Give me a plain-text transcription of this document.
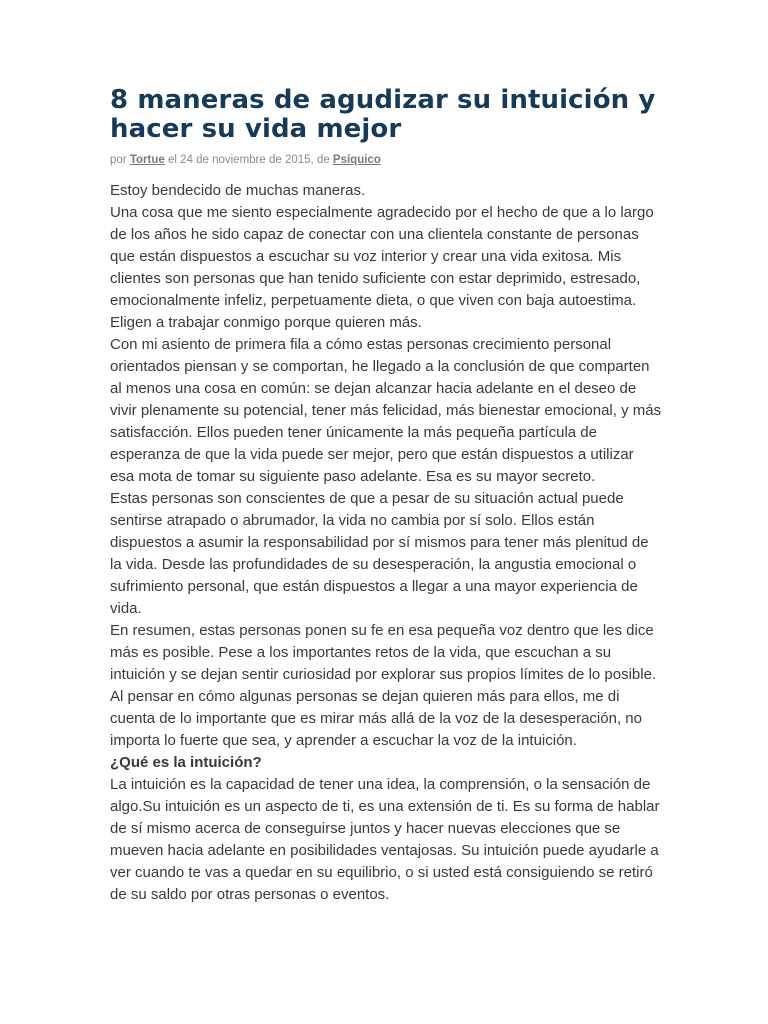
8 maneras de agudizar su intuición y hacer su vida mejor
por Tortue el 24 de noviembre de 2015, de Psíquico

Estoy bendecido de muchas maneras.

Una cosa que me siento especialmente agradecido por el hecho de que a lo largo de los años he sido capaz de conectar con una clientela constante de personas que están dispuestos a escuchar su voz interior y crear una vida exitosa. Mis clientes son personas que han tenido suficiente con estar deprimido, estresado, emocionalmente infeliz, perpetuamente dieta, o que viven con baja autoestima. Eligen a trabajar conmigo porque quieren más.

Con mi asiento de primera fila a cómo estas personas crecimiento personal orientados piensan y se comportan, he llegado a la conclusión de que comparten al menos una cosa en común: se dejan alcanzar hacia adelante en el deseo de vivir plenamente su potencial, tener más felicidad, más bienestar emocional, y más satisfacción. Ellos pueden tener únicamente la más pequeña partícula de esperanza de que la vida puede ser mejor, pero que están dispuestos a utilizar esa mota de tomar su siguiente paso adelante. Esa es su mayor secreto.

Estas personas son conscientes de que a pesar de su situación actual puede sentirse atrapado o abrumador, la vida no cambia por sí solo. Ellos están dispuestos a asumir la responsabilidad por sí mismos para tener más plenitud de la vida. Desde las profundidades de su desesperación, la angustia emocional o sufrimiento personal, que están dispuestos a llegar a una mayor experiencia de vida.

En resumen, estas personas ponen su fe en esa pequeña voz dentro que les dice más es posible. Pese a los importantes retos de la vida, que escuchan a su intuición y se dejan sentir curiosidad por explorar sus propios límites de lo posible. Al pensar en cómo algunas personas se dejan quieren más para ellos, me di cuenta de lo importante que es mirar más allá de la voz de la desesperación, no importa lo fuerte que sea, y aprender a escuchar la voz de la intuición.

¿Qué es la intuición?

La intuición es la capacidad de tener una idea, la comprensión, o la sensación de algo.Su intuición es un aspecto de ti, es una extensión de ti. Es su forma de hablar de sí mismo acerca de conseguirse juntos y hacer nuevas elecciones que se mueven hacia adelante en posibilidades ventajosas. Su intuición puede ayudarle a ver cuando te vas a quedar en su equilibrio, o si usted está consiguiendo se retiró de su saldo por otras personas o eventos.
